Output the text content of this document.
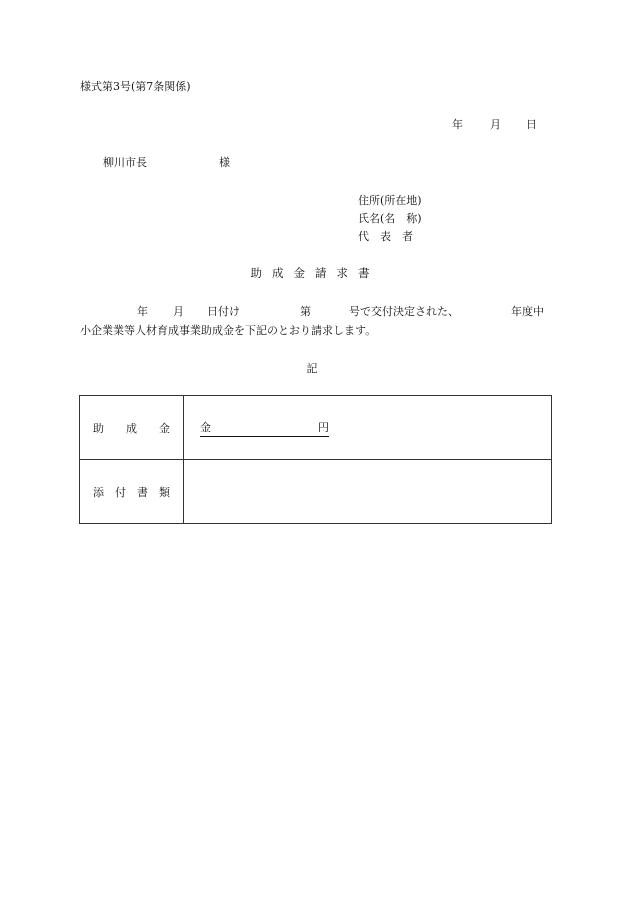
様式第3号(第7条関係)
年 月 日
柳川市長	様
住所(所在地)
氏名(名　称)
代　表　者
助成金請求書
年 月 日付け	第	号で交付決定された、	年度中
小企業業等人材育成事業助成金を下記のとおり請求します。
記
助　　成　　金	金 円
添　付　書　類	
